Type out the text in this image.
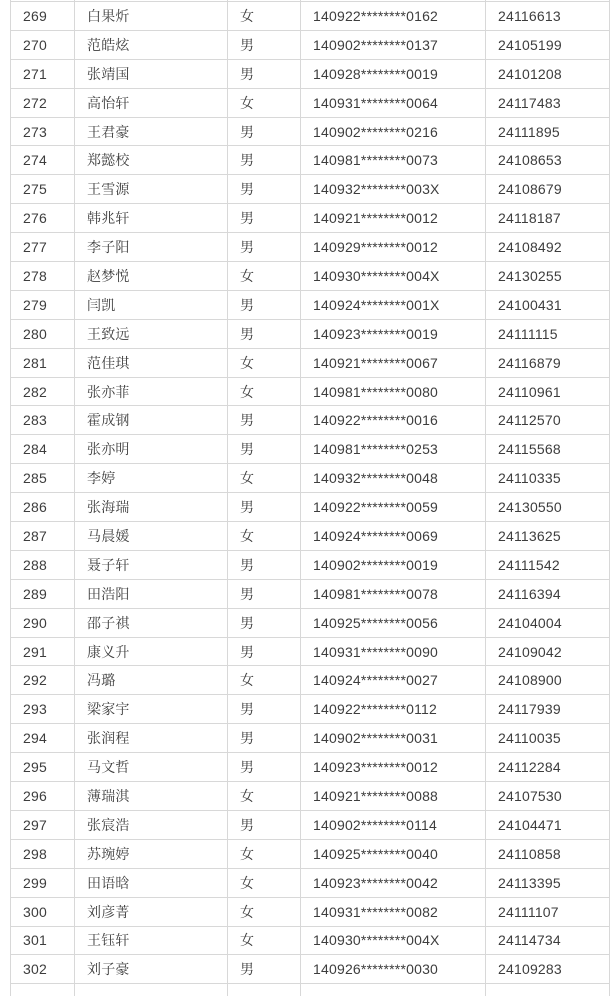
269	白果炘	女	140922********0162	24116613
270	范皓炫	男	140902********0137	24105199
271	张靖国	男	140928********0019	24101208
272	高怡轩	女	140931********0064	24117483
273	王君豪	男	140902********0216	24111895
274	郑懿校	男	140981********0073	24108653
275	王雪源	男	140932********003X	24108679
276	韩兆轩	男	140921********0012	24118187
277	李子阳	男	140929********0012	24108492
278	赵梦悦	女	140930********004X	24130255
279	闫凯	男	140924********001X	24100431
280	王致远	男	140923********0019	24111115
281	范佳琪	女	140921********0067	24116879
282	张亦菲	女	140981********0080	24110961
283	霍成钢	男	140922********0016	24112570
284	张亦明	男	140981********0253	24115568
285	李婷	女	140932********0048	24110335
286	张海瑞	男	140922********0059	24130550
287	马晨媛	女	140924********0069	24113625
288	聂子轩	男	140902********0019	24111542
289	田浩阳	男	140981********0078	24116394
290	邵子祺	男	140925********0056	24104004
291	康义升	男	140931********0090	24109042
292	冯璐	女	140924********0027	24108900
293	梁家宇	男	140922********0112	24117939
294	张润程	男	140902********0031	24110035
295	马文哲	男	140923********0012	24112284
296	薄瑞淇	女	140921********0088	24107530
297	张宸浩	男	140902********0114	24104471
298	苏琬婷	女	140925********0040	24110858
299	田语晗	女	140923********0042	24113395
300	刘彦菁	女	140931********0082	24111107
301	王钰轩	女	140930********004X	24114734
302	刘子豪	男	140926********0030	24109283
